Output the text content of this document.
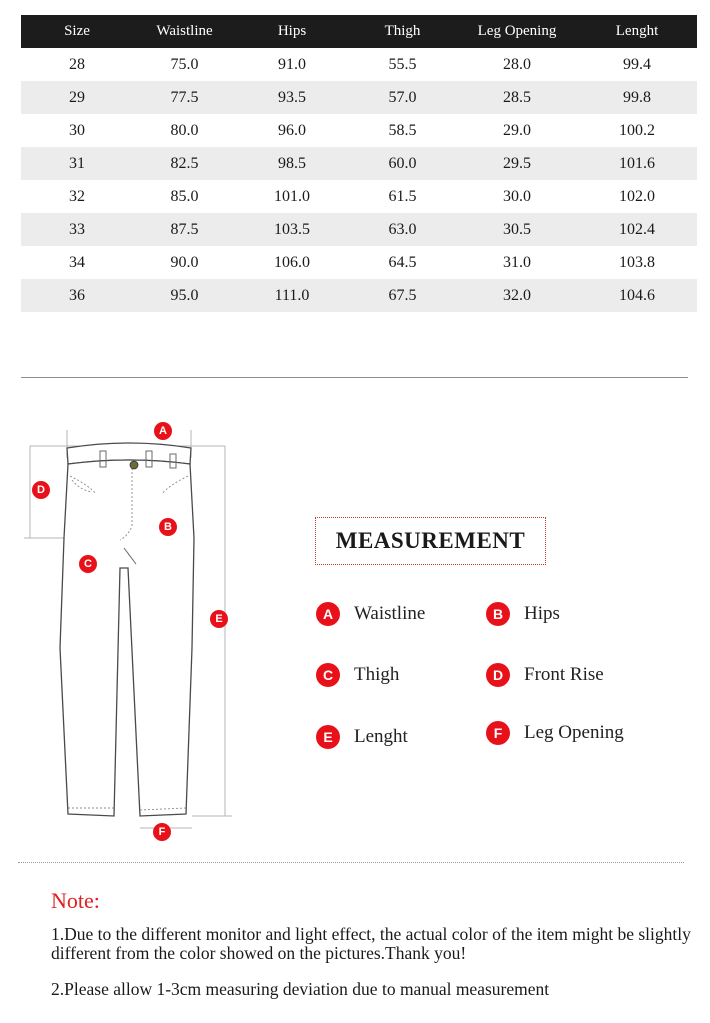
Size	Waistline	Hips	Thigh	Leg Opening	Lenght
28	75.0	91.0	55.5	28.0	99.4
29	77.5	93.5	57.0	28.5	99.8
30	80.0	96.0	58.5	29.0	100.2
31	82.5	98.5	60.0	29.5	101.6
32	85.0	101.0	61.5	30.0	102.0
33	87.5	103.5	63.0	30.5	102.4
34	90.0	106.0	64.5	31.0	103.8
36	95.0	111.0	67.5	32.0	104.6
A
B
C
D
E
F
MEASUREMENT
A	Waistline	B	Hips
C	Thigh	D	Front Rise
E	Lenght	F	Leg Opening
Note:
1.Due to the different monitor and light effect, the actual color of the item might be slightly different from the color showed on the pictures.Thank you!
2.Please allow 1-3cm measuring deviation due to manual measurement
